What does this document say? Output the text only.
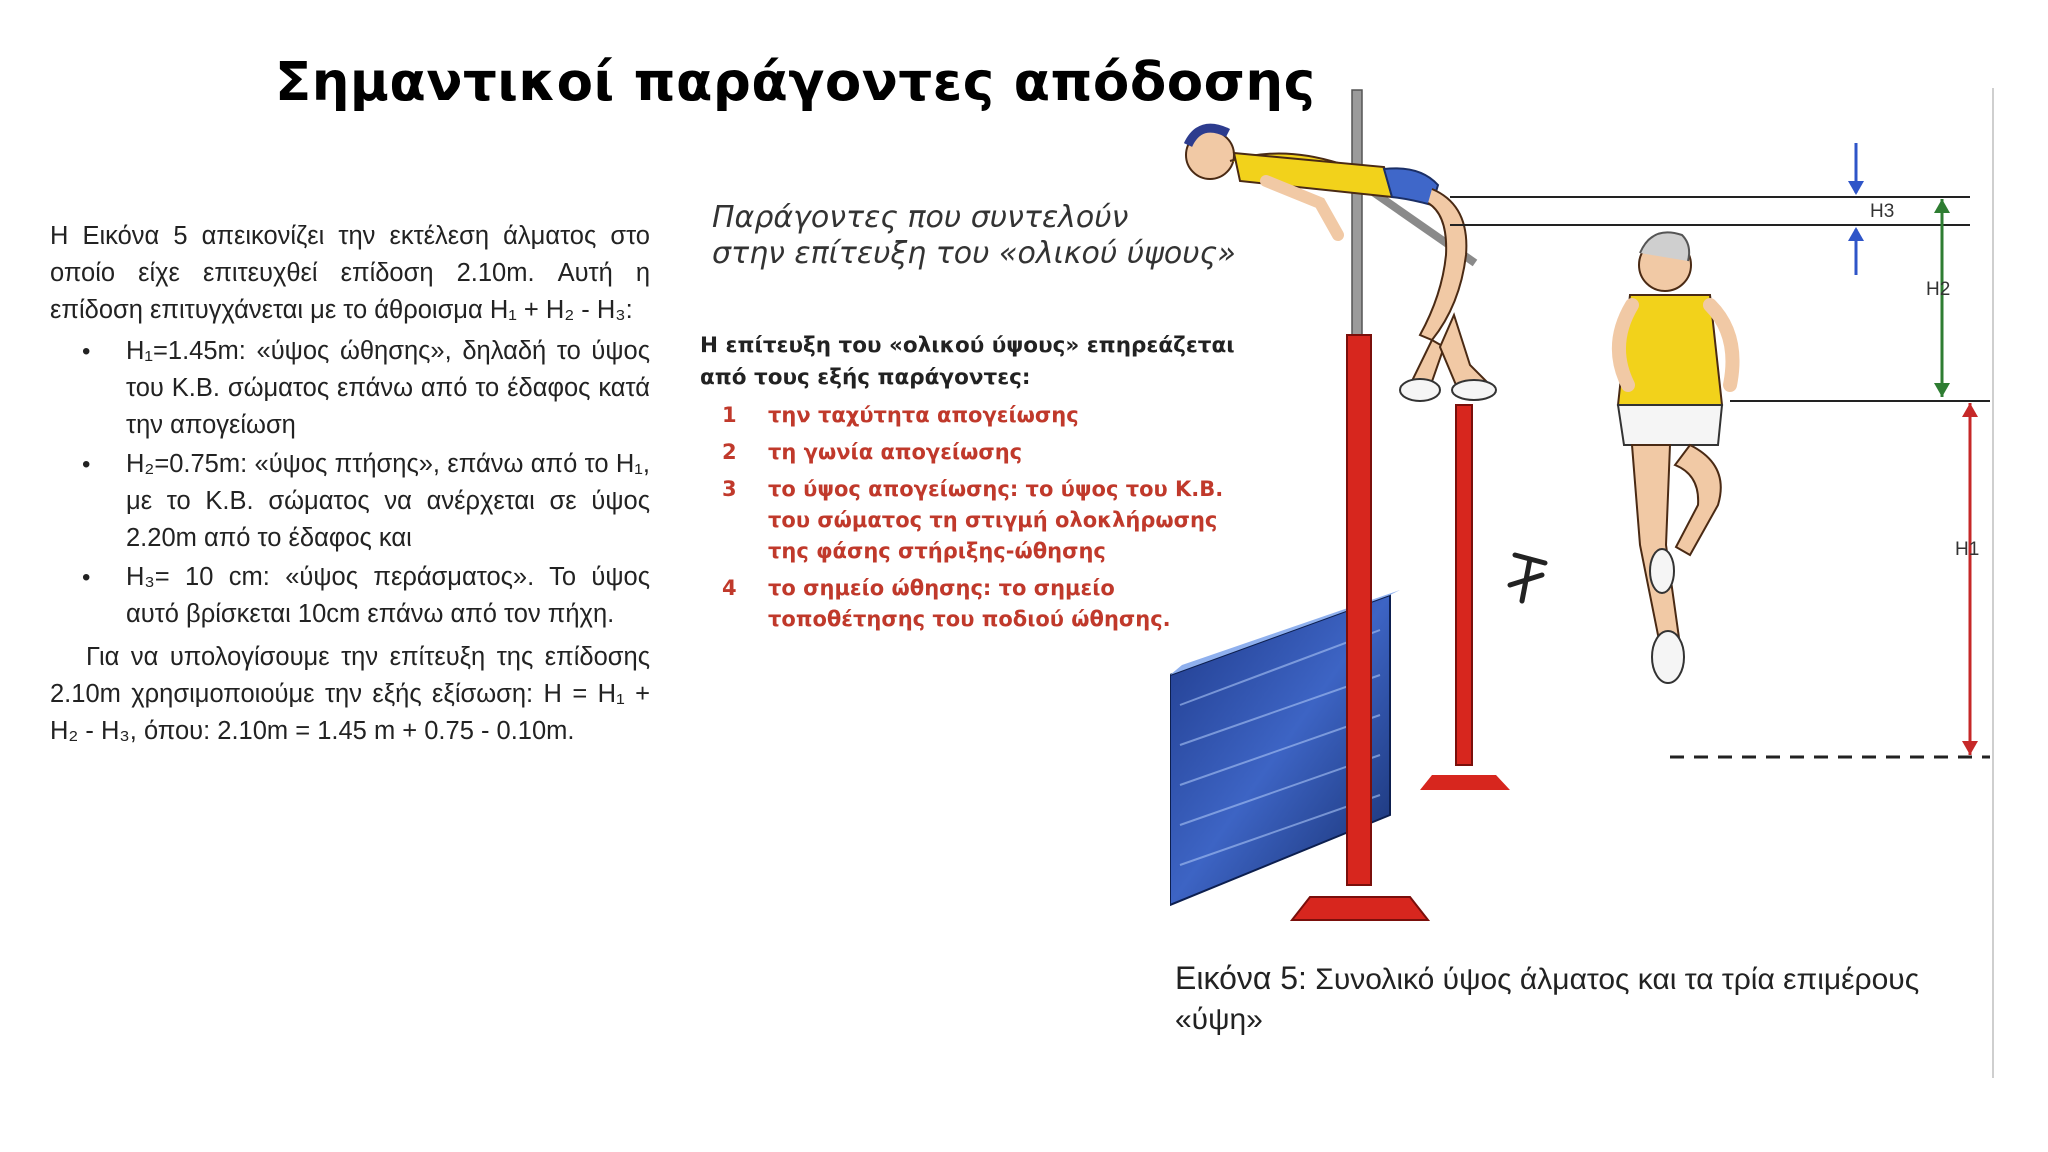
Σημαντικοί παράγοντες απόδοσης

Η Εικόνα 5 απεικονίζει την εκτέλεση άλματος στο οποίο είχε επιτευχθεί επίδοση 2.10m. Αυτή η επίδοση επιτυγχάνεται με το άθροισμα H₁ + H₂ - H₃:

• H₁=1.45m: «ύψος ώθησης», δηλαδή το ύψος του Κ.Β. σώματος επάνω από το έδαφος κατά την απογείωση
• H₂=0.75m: «ύψος πτήσης», επάνω από το H₁, με το Κ.Β. σώματος να ανέρχεται σε ύψος 2.20m από το έδαφος και
• H₃= 10 cm: «ύψος περάσματος». Το ύψος αυτό βρίσκεται 10cm επάνω από τον πήχη.

Για να υπολογίσουμε την επίτευξη της επίδοσης 2.10m χρησιμοποιούμε την εξής εξίσωση: H = H₁ + H₂ - H₃, όπου: 2.10m = 1.45 m + 0.75 - 0.10m.

Παράγοντες που συντελούν
στην επίτευξη του «ολικού ύψους»
Η επίτευξη του «ολικού ύψους» επηρεάζεται από τους εξής παράγοντες:
1 την ταχύτητα απογείωσης
2 τη γωνία απογείωσης
3 το ύψος απογείωσης: το ύψος του Κ.Β. του σώματος τη στιγμή ολοκλήρωσης της φάσης στήριξης-ώθησης
4 το σημείο ώθησης: το σημείο τοποθέτησης του ποδιού ώθησης.
H3
H2
H1
Εικόνα 5: Συνολικό ύψος άλματος και τα τρία επιμέρους «ύψη»
